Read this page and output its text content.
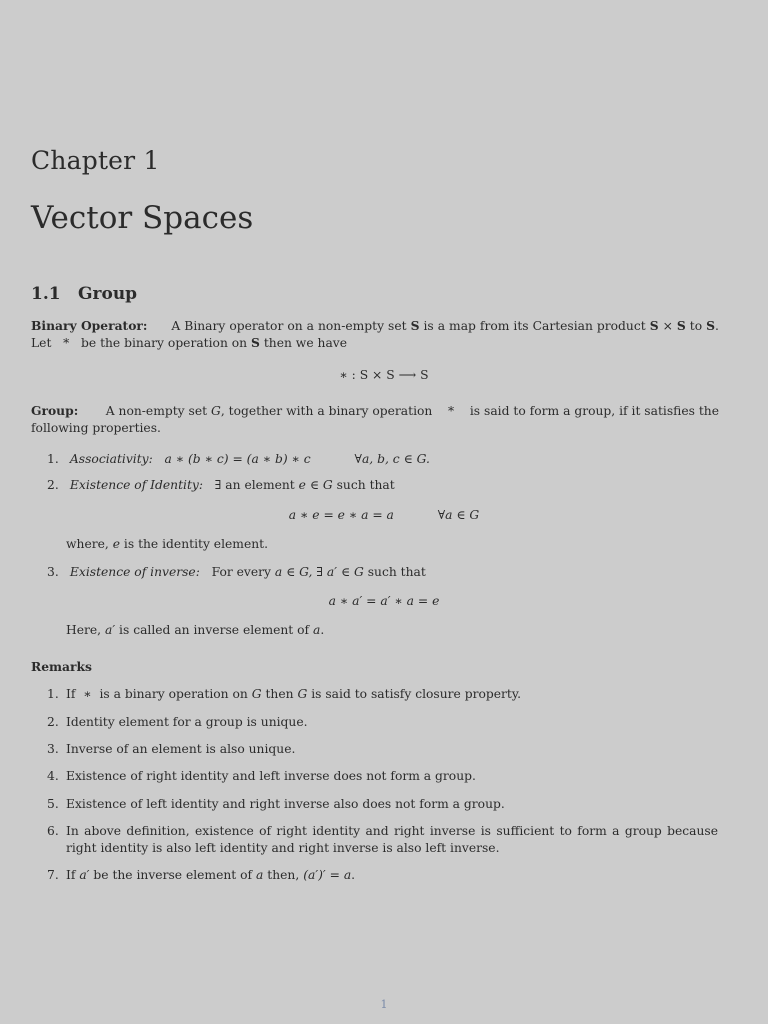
Chapter 1
Vector Spaces
1.1 Group
Binary Operator: A Binary operator on a non-empty set S is a map from its Cartesian product S × S to S. Let * be the binary operation on S then we have
∗ : S × S ⟶ S
Group: A non-empty set G, together with a binary operation * is said to form a group, if it satisfies the following properties.
1. Associativity: a ∗ (b ∗ c) = (a ∗ b) ∗ c	∀a, b, c ∈ G.
2. Existence of Identity: ∃ an element e ∈ G such that
a ∗ e = e ∗ a = a	∀a ∈ G
where, e is the identity element.
3. Existence of inverse: For every a ∈ G, ∃ a′ ∈ G such that
a ∗ a′ = a′ ∗ a = e
Here, a′ is called an inverse element of a.
Remarks
1. If ∗ is a binary operation on G then G is said to satisfy closure property.
2. Identity element for a group is unique.
3. Inverse of an element is also unique.
4. Existence of right identity and left inverse does not form a group.
5. Existence of left identity and right inverse also does not form a group.
6. In above definition, existence of right identity and right inverse is sufficient to form a group because right identity is also left identity and right inverse is also left inverse.
7. If a′ be the inverse element of a then, (a′)′ = a.
1
